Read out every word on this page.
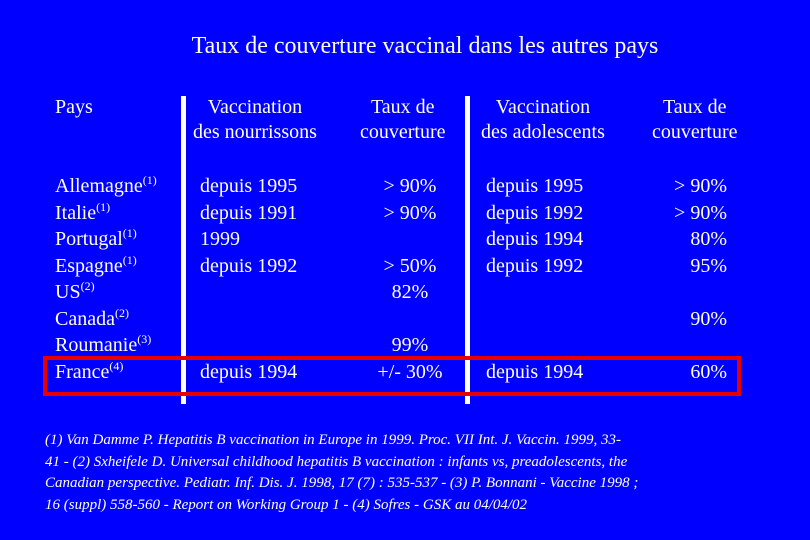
Taux de couverture vaccinal dans les autres pays
Pays	Vaccination
des nourrissons
Taux de
couverture
Vaccination
des adolescents
Taux de
couverture
Allemagne$^{(1)}$
Italie$^{(1)}$
Portugal$^{(1)}$
Espagne$^{(1)}$
US$^{(2)}$
Canada$^{(2)}$
Roumanie$^{(3)}$
France$^{(4)}$
depuis 1995
depuis 1991
1999
depuis 1992
depuis 1994
> 90%
> 90%
> 50%
82%
99%
+/- 30%
depuis 1995
depuis 1992
depuis 1994
depuis 1992
depuis 1994
> 90%
> 90%
80%
95%
90%
60%
(1) Van Damme P. Hepatitis B vaccination in Europe in 1999. Proc. VII Int. J. Vaccin. 1999, 33-
41 - (2) Sxheifele D. Universal childhood hepatitis B vaccination : infants vs, preadolescents, the
Canadian perspective. Pediatr. Inf. Dis. J. 1998, 17 (7) : 535-537 - (3) P. Bonnani - Vaccine 1998 ;
16 (suppl) 558-560 - Report on Working Group 1 - (4) Sofres - GSK au 04/04/02
